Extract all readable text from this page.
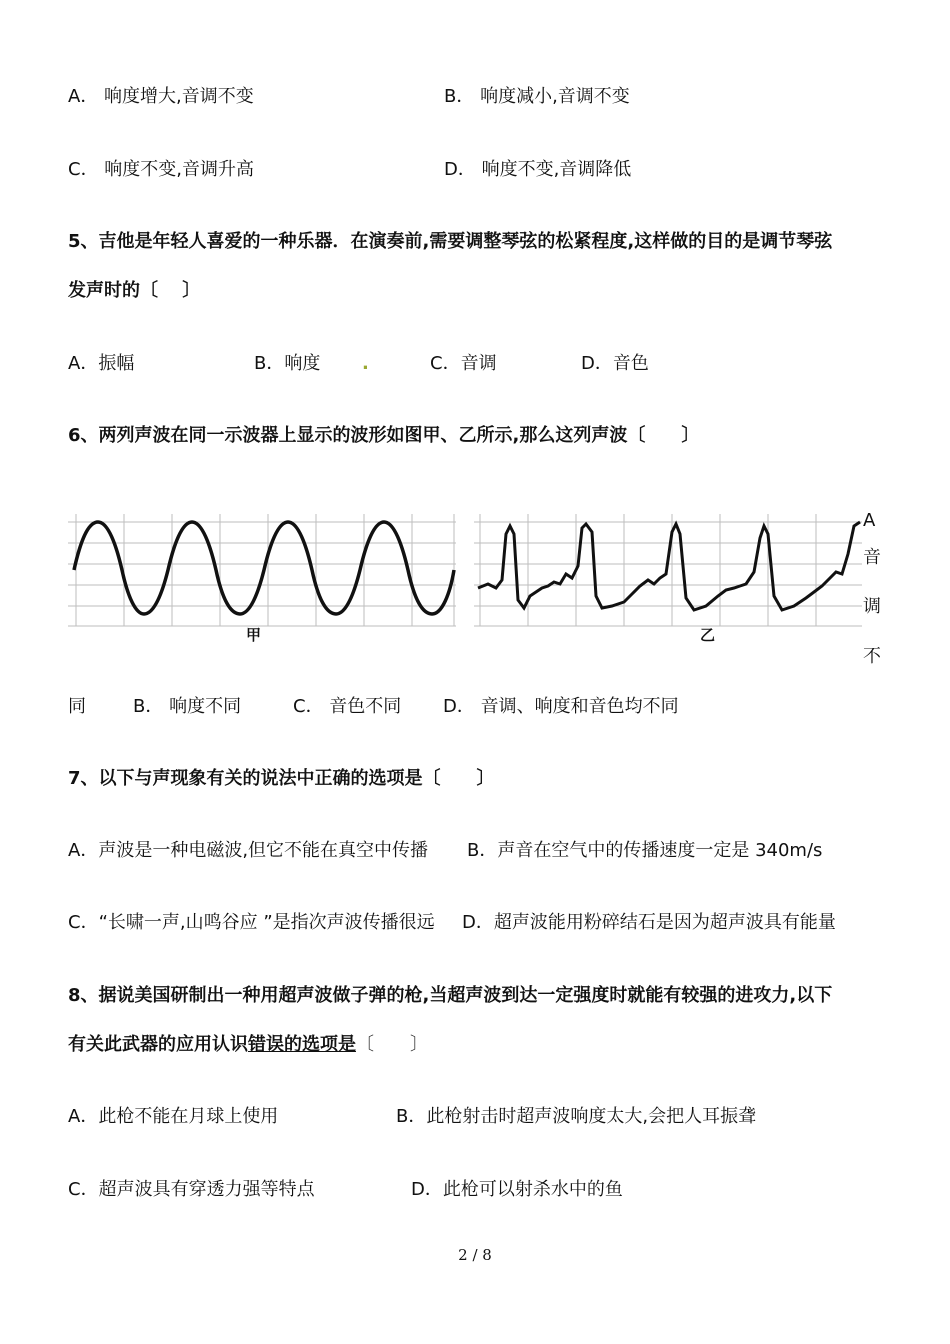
A． 响度增大,音调不变	B． 响度减小,音调不变
C． 响度不变,音调升高	D． 响度不变,音调降低
5、吉他是年轻人喜爱的一种乐器．在演奏前,需要调整琴弦的松紧程度,这样做的目的是调节琴弦
发声时的〔　 〕
A．振幅	B．响度 .	C．音调	D．音色
6、两列声波在同一示波器上显示的波形如图甲、乙所示,那么这列声波〔　　〕
甲	乙
A
音
调
不
同	B． 响度不同	C． 音色不同 D． 音调、响度和音色均不同
7、以下与声现象有关的说法中正确的选项是〔　　〕
A．声波是一种电磁波,但它不能在真空中传播 B．声音在空气中的传播速度一定是 340m/s
C．“长啸一声,山鸣谷应 ”是指次声波传播很远 D．超声波能用粉碎结石是因为超声波具有能量
8、据说美国研制出一种用超声波做子弹的枪,当超声波到达一定强度时就能有较强的进攻力,以下
有关此武器的应用认识错误的选项是〔　　〕
A．此枪不能在月球上使用	B．此枪射击时超声波响度太大,会把人耳振聋
C．超声波具有穿透力强等特点	D．此枪可以射杀水中的鱼
2 / 8
